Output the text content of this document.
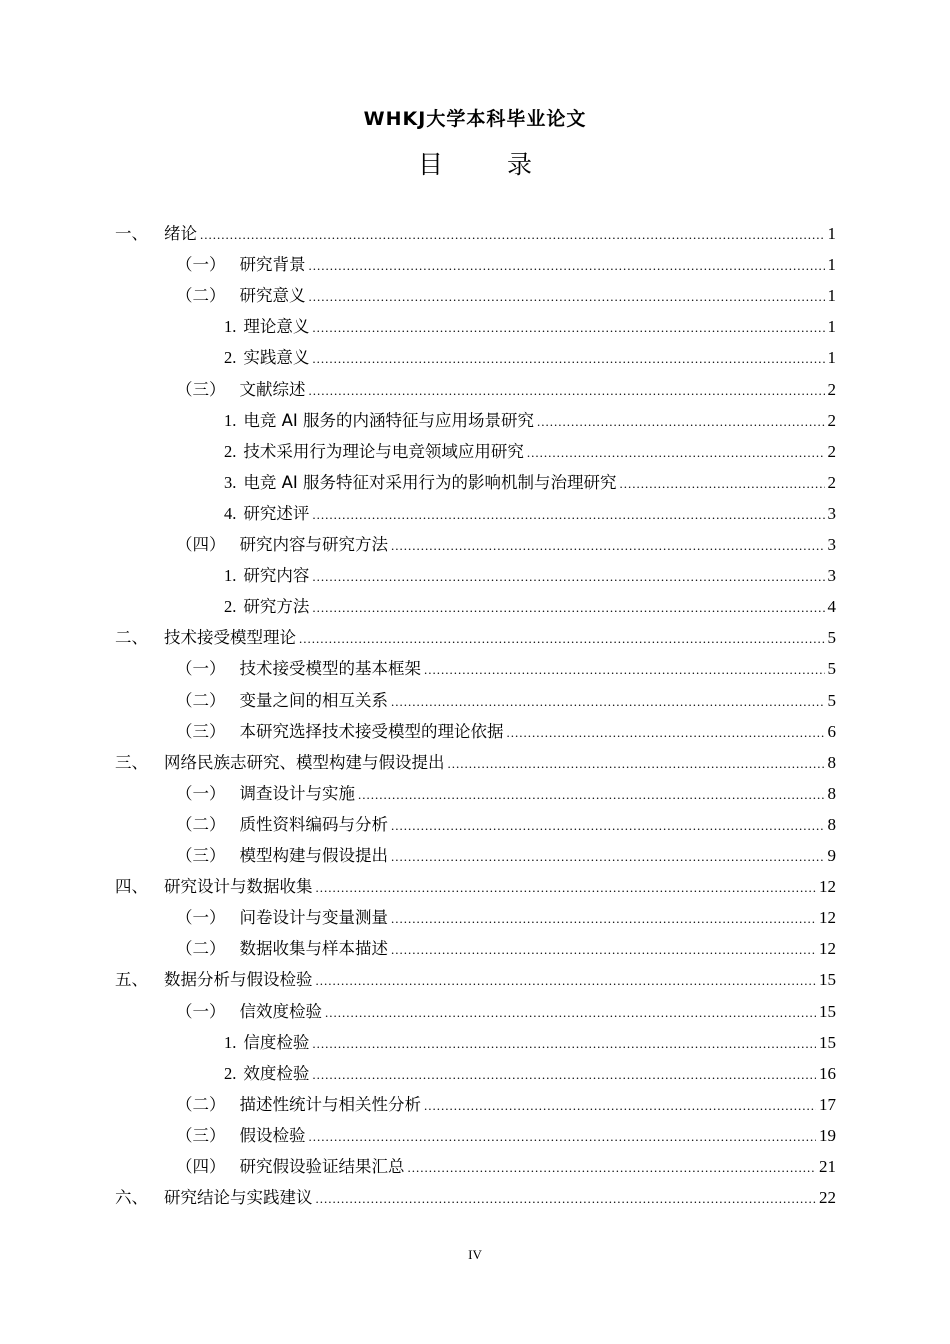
WHKJ大学本科毕业论文
目 录
一、 绪论 .....	1
（一） 研究背景 .....	1
（二） 研究意义 .....	1
1. 理论意义 .....	1
2. 实践意义 .....	1
（三） 文献综述 .....	2
1. 电竞 AI 服务的内涵特征与应用场景研究 .....	2
2. 技术采用行为理论与电竞领域应用研究 .....	2
3. 电竞 AI 服务特征对采用行为的影响机制与治理研究 .....	2
4. 研究述评 .....	3
（四） 研究内容与研究方法 .....	3
1. 研究内容 .....	3
2. 研究方法 .....	4
二、 技术接受模型理论 .....	5
（一） 技术接受模型的基本框架 .....	5
（二） 变量之间的相互关系 .....	5
（三） 本研究选择技术接受模型的理论依据 .....	6
三、 网络民族志研究、模型构建与假设提出 .....	8
（一） 调查设计与实施 .....	8
（二） 质性资料编码与分析 .....	8
（三） 模型构建与假设提出 .....	9
四、 研究设计与数据收集 .....	12
（一） 问卷设计与变量测量 .....	12
（二） 数据收集与样本描述 .....	12
五、 数据分析与假设检验 .....	15
（一） 信效度检验 .....	15
1. 信度检验 .....	15
2. 效度检验 .....	16
（二） 描述性统计与相关性分析 .....	17
（三） 假设检验 .....	19
（四） 研究假设验证结果汇总 .....	21
六、 研究结论与实践建议 .....	22
IV
